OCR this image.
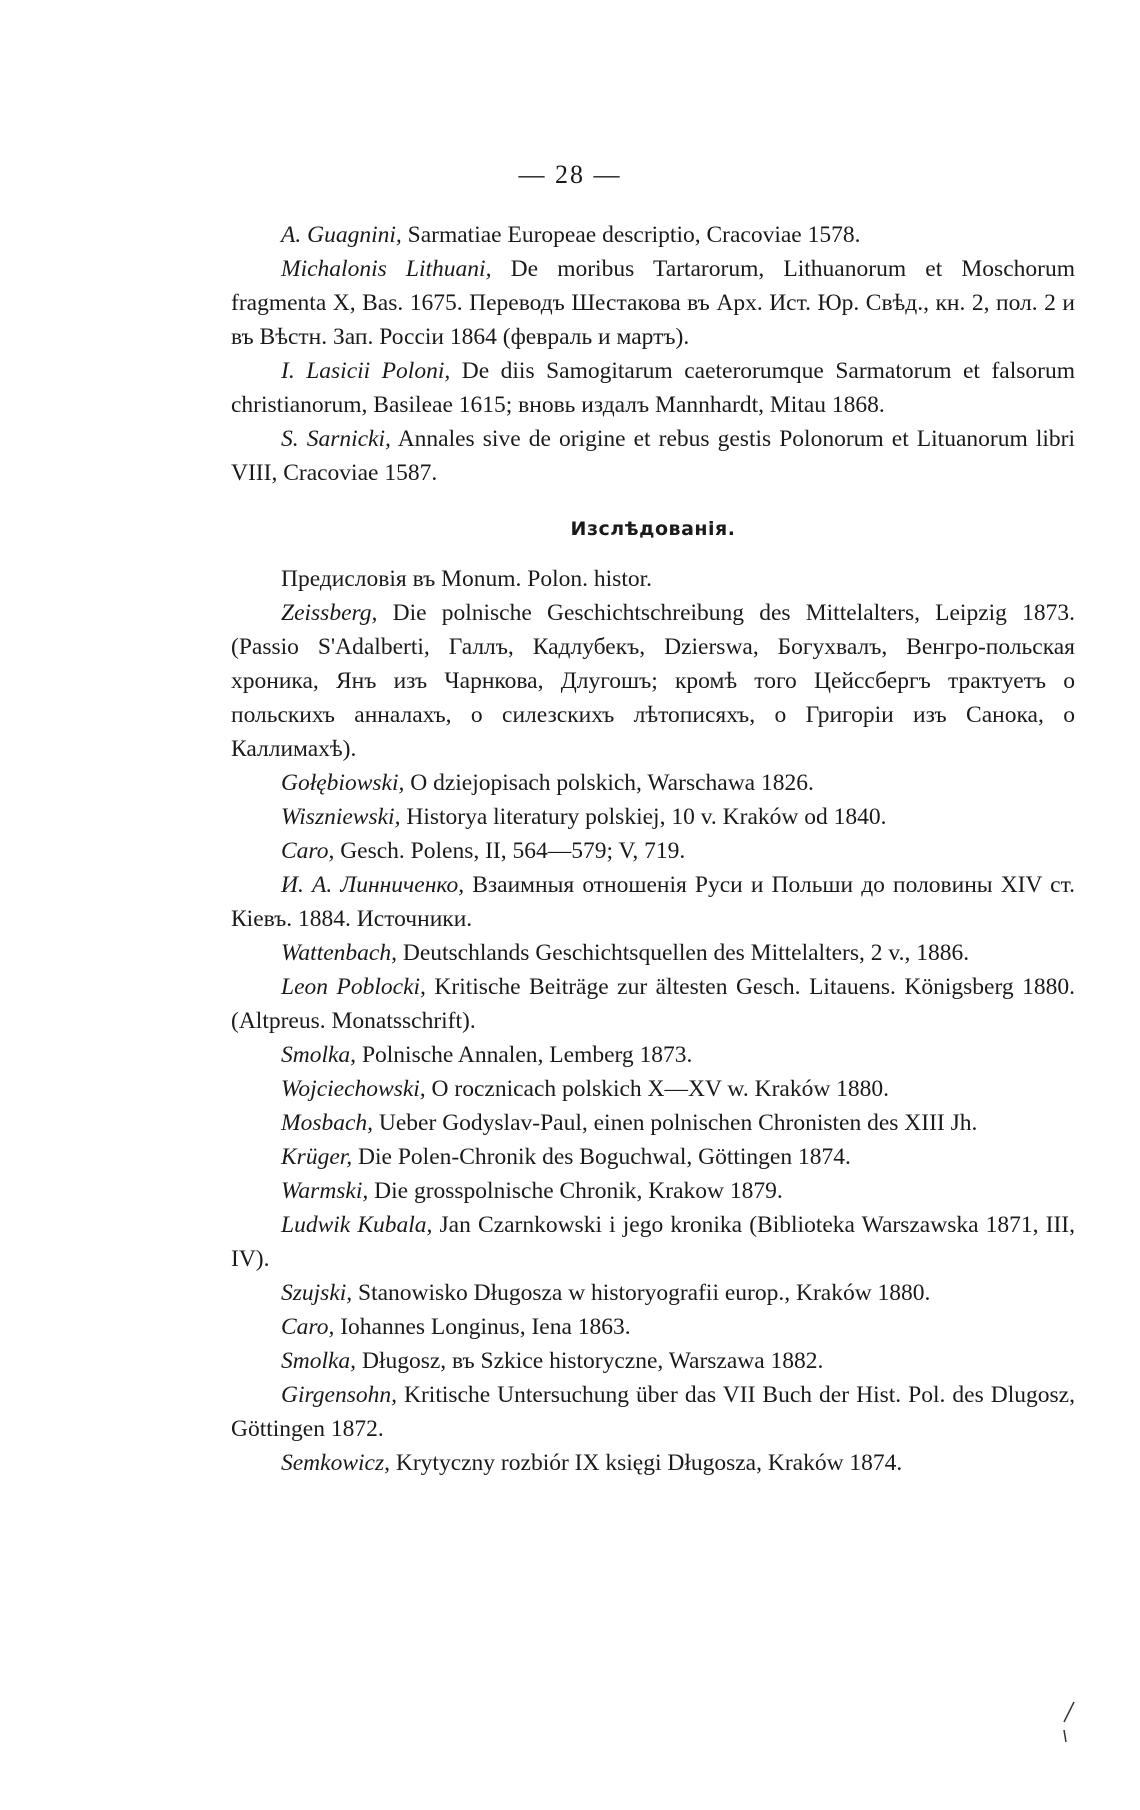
— 28 —

A. Guagnini, Sarmatiae Europeae descriptio, Cracoviae 1578.

Michalonis Lithuani, De moribus Tartarorum, Lithuanorum et Moschorum fragmenta X, Bas. 1675. Переводъ Шестакова въ Арх. Ист. Юр. Свѣд., кн. 2, пол. 2 и въ Вѣстн. Зап. Россiи 1864 (февраль и мартъ).

I. Lasicii Poloni, De diis Samogitarum caeterorumque Sarmatorum et falsorum christianorum, Basileae 1615; вновь издалъ Mannhardt, Mitau 1868.

S. Sarnicki, Annales sive de origine et rebus gestis Polonorum et Lituanorum libri VIII, Cracoviae 1587.

Изслѣдованiя.

Предисловiя въ Monum. Polon. histor.

Zeissberg, Die polnische Geschichtschreibung des Mittelalters, Leipzig 1873. (Passio S'Adalberti, Галлъ, Кадлубекъ, Dzierswa, Богухвалъ, Венгро-польская хроника, Янъ изъ Чарнкова, Длугошъ; кромѣ того Цейссбергъ трактуетъ о польскихъ анналахъ, о силезскихъ лѣтописяхъ, о Григорiи изъ Санока, о Каллимахѣ).

Gołębiowski, O dziejopisach polskich, Warschawa 1826.

Wiszniewski, Historya literatury polskiej, 10 v. Kraków od 1840.

Caro, Gesch. Polens, II, 564—579; V, 719.

И. А. Линниченко, Взаимныя отношенiя Руси и Польши до половины XIV ст. Кiевъ. 1884. Источники.

Wattenbach, Deutschlands Geschichtsquellen des Mittelalters, 2 v., 1886.

Leon Poblocki, Kritische Beiträge zur ältesten Gesch. Litauens. Königsberg 1880. (Altpreus. Monatsschrift).

Smolka, Polnische Annalen, Lemberg 1873.

Wojciechowski, O rocznicach polskich X—XV w. Kraków 1880.

Mosbach, Ueber Godyslav-Paul, einen polnischen Chronisten des XIII Jh.

Krüger, Die Polen-Chronik des Boguchwal, Göttingen 1874.

Warmski, Die grosspolnische Chronik, Krakow 1879.

Ludwik Kubala, Jan Czarnkowski i jego kronika (Biblioteka Warszawska 1871, III, IV).

Szujski, Stanowisko Długosza w historyografii europ., Kraków 1880.

Caro, Iohannes Longinus, Iena 1863.

Smolka, Długosz, въ Szkice historyczne, Warszawa 1882.

Girgensohn, Kritische Untersuchung über das VII Buch der Hist. Pol. des Dlugosz, Göttingen 1872.

Semkowicz, Krytyczny rozbiór IX księgi Długosza, Kraków 1874.
